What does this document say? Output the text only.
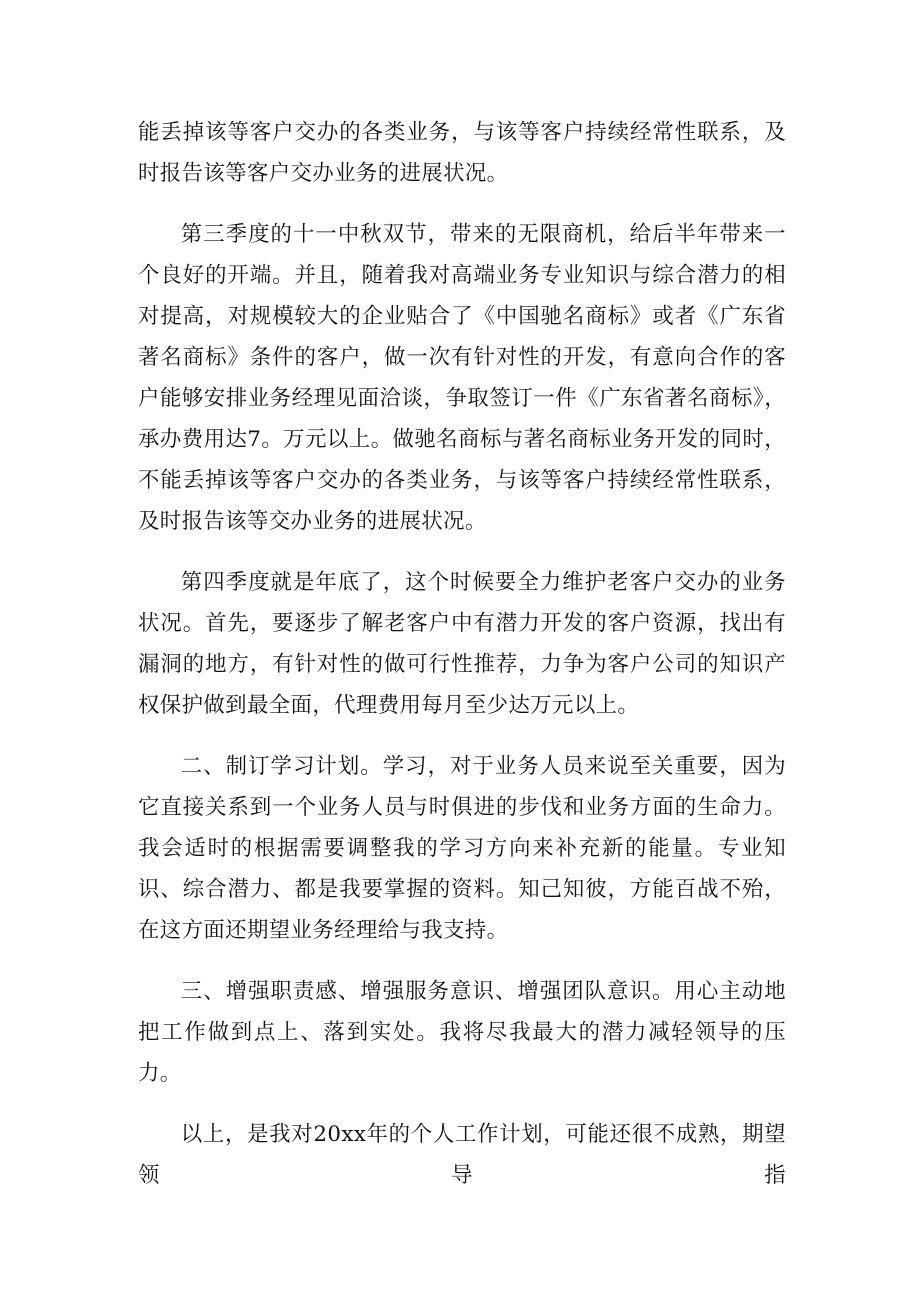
能丢掉该等客户交办的各类业务，与该等客户持续经常性联系，及时报告该等客户交办业务的进展状况。

第三季度的十一中秋双节，带来的无限商机，给后半年带来一个良好的开端。并且，随着我对高端业务专业知识与综合潜力的相对提高，对规模较大的企业贴合了《中国驰名商标》或者《广东省著名商标》条件的客户，做一次有针对性的开发，有意向合作的客户能够安排业务经理见面洽谈，争取签订一件《广东省著名商标》，承办费用达7。万元以上。做驰名商标与著名商标业务开发的同时，不能丢掉该等客户交办的各类业务，与该等客户持续经常性联系，及时报告该等交办业务的进展状况。

第四季度就是年底了，这个时候要全力维护老客户交办的业务状况。首先，要逐步了解老客户中有潜力开发的客户资源，找出有漏洞的地方，有针对性的做可行性推荐，力争为客户公司的知识产权保护做到最全面，代理费用每月至少达万元以上。

二、制订学习计划。学习，对于业务人员来说至关重要，因为它直接关系到一个业务人员与时俱进的步伐和业务方面的生命力。我会适时的根据需要调整我的学习方向来补充新的能量。专业知识、综合潜力、都是我要掌握的资料。知己知彼，方能百战不殆，在这方面还期望业务经理给与我支持。

三、增强职责感、增强服务意识、增强团队意识。用心主动地把工作做到点上、落到实处。我将尽我最大的潜力减轻领导的压力。

以上，是我对20xx年的个人工作计划，可能还很不成熟，期望领导指
